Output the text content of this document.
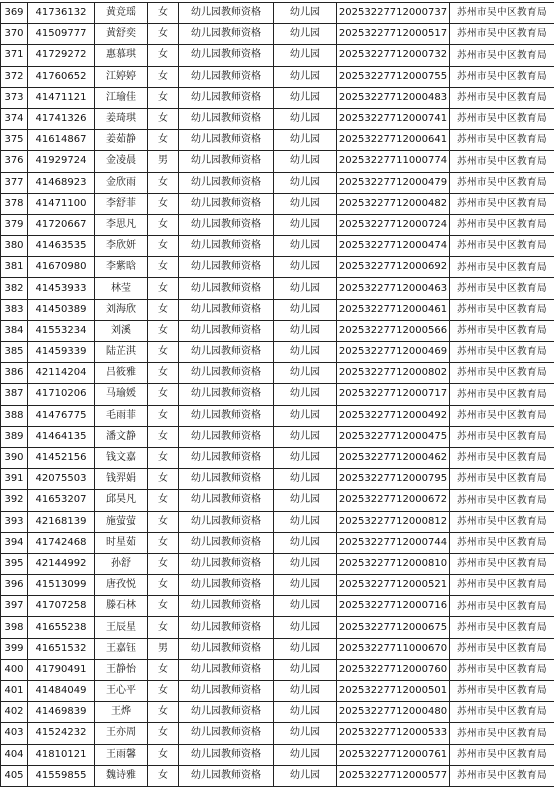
369	41736132	黄竞瑶	女	幼儿园教师资格	幼儿园	20253227712000737	苏州市吴中区教育局
370	41509777	黄舒奕	女	幼儿园教师资格	幼儿园	20253227712000517	苏州市吴中区教育局
371	41729272	惠慕琪	女	幼儿园教师资格	幼儿园	20253227712000732	苏州市吴中区教育局
372	41760652	江婷婷	女	幼儿园教师资格	幼儿园	20253227712000755	苏州市吴中区教育局
373	41471121	江瑜佳	女	幼儿园教师资格	幼儿园	20253227712000483	苏州市吴中区教育局
374	41741326	姜琦琪	女	幼儿园教师资格	幼儿园	20253227712000741	苏州市吴中区教育局
375	41614867	姜茹静	女	幼儿园教师资格	幼儿园	20253227712000641	苏州市吴中区教育局
376	41929724	金凌晨	男	幼儿园教师资格	幼儿园	20253227711000774	苏州市吴中区教育局
377	41468923	金欣雨	女	幼儿园教师资格	幼儿园	20253227712000479	苏州市吴中区教育局
378	41471100	李舒菲	女	幼儿园教师资格	幼儿园	20253227712000482	苏州市吴中区教育局
379	41720667	李思凡	女	幼儿园教师资格	幼儿园	20253227712000724	苏州市吴中区教育局
380	41463535	李欣妍	女	幼儿园教师资格	幼儿园	20253227712000474	苏州市吴中区教育局
381	41670980	李紫晗	女	幼儿园教师资格	幼儿园	20253227712000692	苏州市吴中区教育局
382	41453933	林莹	女	幼儿园教师资格	幼儿园	20253227712000463	苏州市吴中区教育局
383	41450389	刘海欣	女	幼儿园教师资格	幼儿园	20253227712000461	苏州市吴中区教育局
384	41553234	刘溪	女	幼儿园教师资格	幼儿园	20253227712000566	苏州市吴中区教育局
385	41459339	陆芷淇	女	幼儿园教师资格	幼儿园	20253227712000469	苏州市吴中区教育局
386	42114204	吕筱雅	女	幼儿园教师资格	幼儿园	20253227712000802	苏州市吴中区教育局
387	41710206	马瑜媛	女	幼儿园教师资格	幼儿园	20253227712000717	苏州市吴中区教育局
388	41476775	毛雨菲	女	幼儿园教师资格	幼儿园	20253227712000492	苏州市吴中区教育局
389	41464135	潘文静	女	幼儿园教师资格	幼儿园	20253227712000475	苏州市吴中区教育局
390	41452156	钱文嘉	女	幼儿园教师资格	幼儿园	20253227712000462	苏州市吴中区教育局
391	42075503	钱羿娟	女	幼儿园教师资格	幼儿园	20253227712000795	苏州市吴中区教育局
392	41653207	邱昊凡	女	幼儿园教师资格	幼儿园	20253227712000672	苏州市吴中区教育局
393	42168139	施萤萤	女	幼儿园教师资格	幼儿园	20253227712000812	苏州市吴中区教育局
394	41742468	时星茹	女	幼儿园教师资格	幼儿园	20253227712000744	苏州市吴中区教育局
395	42144992	孙舒	女	幼儿园教师资格	幼儿园	20253227712000810	苏州市吴中区教育局
396	41513099	唐孜悦	女	幼儿园教师资格	幼儿园	20253227712000521	苏州市吴中区教育局
397	41707258	滕石林	女	幼儿园教师资格	幼儿园	20253227712000716	苏州市吴中区教育局
398	41655238	王辰星	女	幼儿园教师资格	幼儿园	20253227712000675	苏州市吴中区教育局
399	41651532	王嘉钰	男	幼儿园教师资格	幼儿园	20253227711000670	苏州市吴中区教育局
400	41790491	王静怡	女	幼儿园教师资格	幼儿园	20253227712000760	苏州市吴中区教育局
401	41484049	王心平	女	幼儿园教师资格	幼儿园	20253227712000501	苏州市吴中区教育局
402	41469839	王烨	女	幼儿园教师资格	幼儿园	20253227712000480	苏州市吴中区教育局
403	41524232	王亦周	女	幼儿园教师资格	幼儿园	20253227712000533	苏州市吴中区教育局
404	41810121	王雨馨	女	幼儿园教师资格	幼儿园	20253227712000761	苏州市吴中区教育局
405	41559855	魏诗雅	女	幼儿园教师资格	幼儿园	20253227712000577	苏州市吴中区教育局
